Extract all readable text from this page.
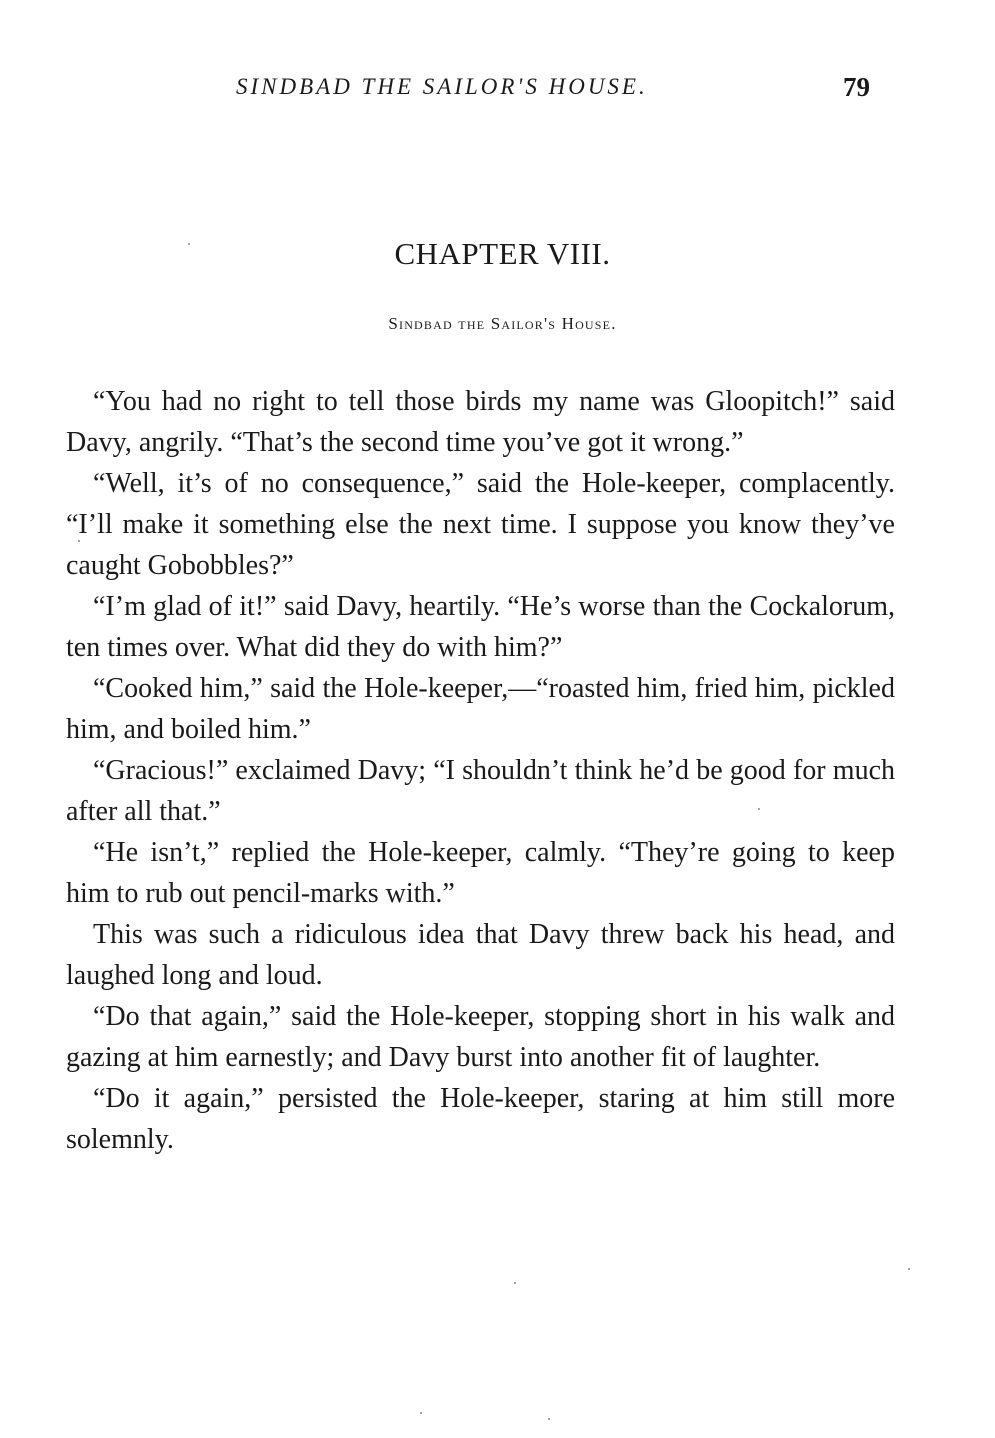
SINDBAD THE SAILOR'S HOUSE.	79
CHAPTER VIII.
Sindbad the Sailor's House.

“You had no right to tell those birds my name was Gloopitch!” said Davy, angrily. “That’s the second time you’ve got it wrong.”

“Well, it’s of no consequence,” said the Hole-keeper, complacently. “I’ll make it something else the next time. I suppose you know they’ve caught Gobobbles?”

“I’m glad of it!” said Davy, heartily. “He’s worse than the Cockalorum, ten times over. What did they do with him?”

“Cooked him,” said the Hole-keeper,—“roasted him, fried him, pickled him, and boiled him.”

“Gracious!” exclaimed Davy; “I shouldn’t think he’d be good for much after all that.”

“He isn’t,” replied the Hole-keeper, calmly. “They’re going to keep him to rub out pencil-marks with.”

This was such a ridiculous idea that Davy threw back his head, and laughed long and loud.

“Do that again,” said the Hole-keeper, stopping short in his walk and gazing at him earnestly; and Davy burst into another fit of laughter.

“Do it again,” persisted the Hole-keeper, staring at him still more solemnly.
